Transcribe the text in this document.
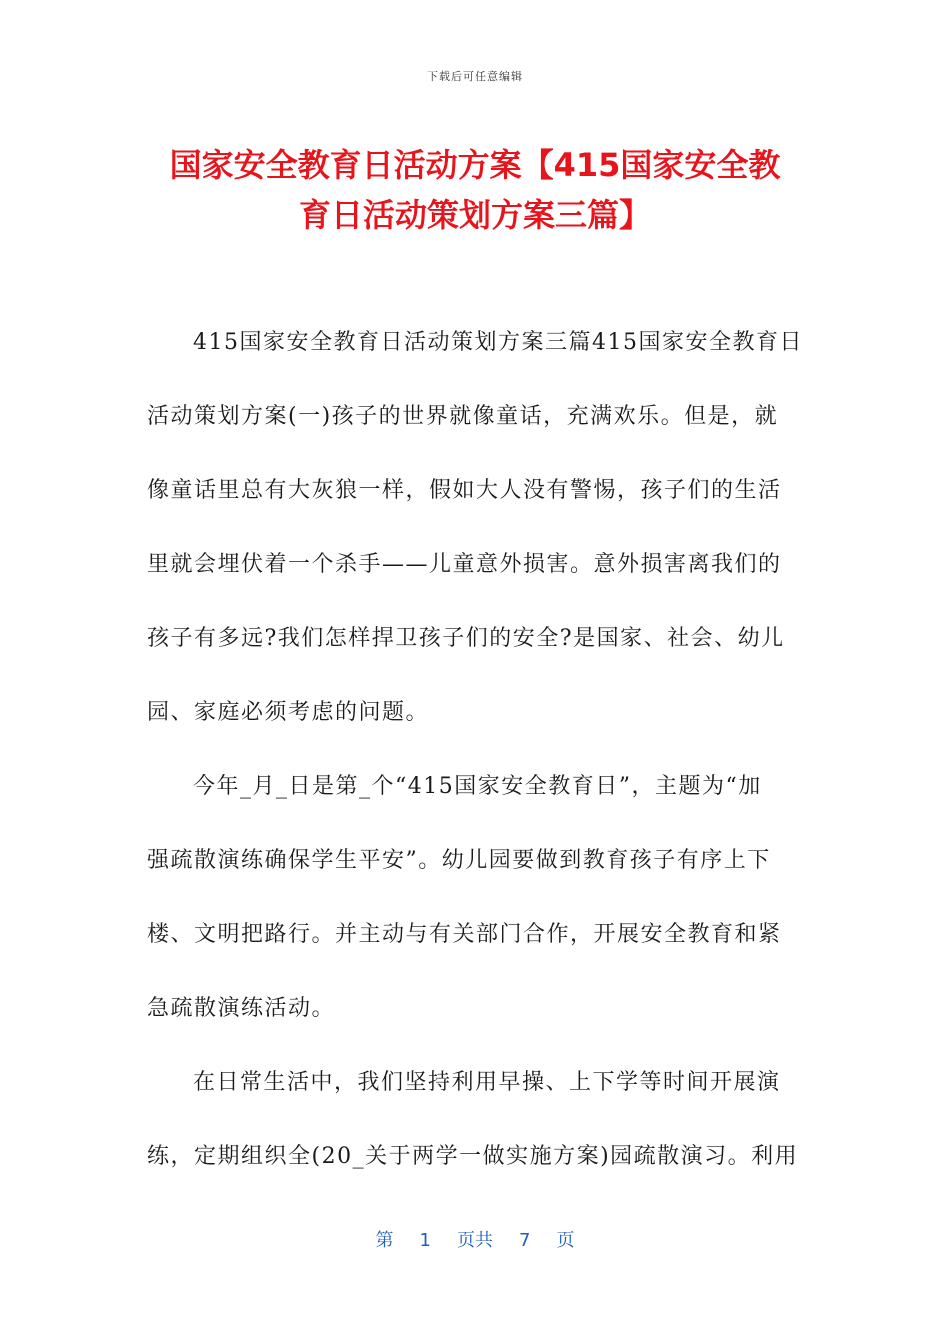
下载后可任意编辑
国家安全教育日活动方案【415国家安全教
育日活动策划方案三篇】
415国家安全教育日活动策划方案三篇415国家安全教育日
活动策划方案(一)孩子的世界就像童话，充满欢乐。但是，就
像童话里总有大灰狼一样，假如大人没有警惕，孩子们的生活
里就会埋伏着一个杀手——儿童意外损害。意外损害离我们的
孩子有多远?我们怎样捍卫孩子们的安全?是国家、社会、幼儿
园、家庭必须考虑的问题。
今年_月_日是第_个“415国家安全教育日”，主题为“加
强疏散演练确保学生平安”。幼儿园要做到教育孩子有序上下
楼、文明把路行。并主动与有关部门合作，开展安全教育和紧
急疏散演练活动。
在日常生活中，我们坚持利用早操、上下学等时间开展演
练，定期组织全(20_关于两学一做实施方案)园疏散演习。利用
第 1 页共 7 页
